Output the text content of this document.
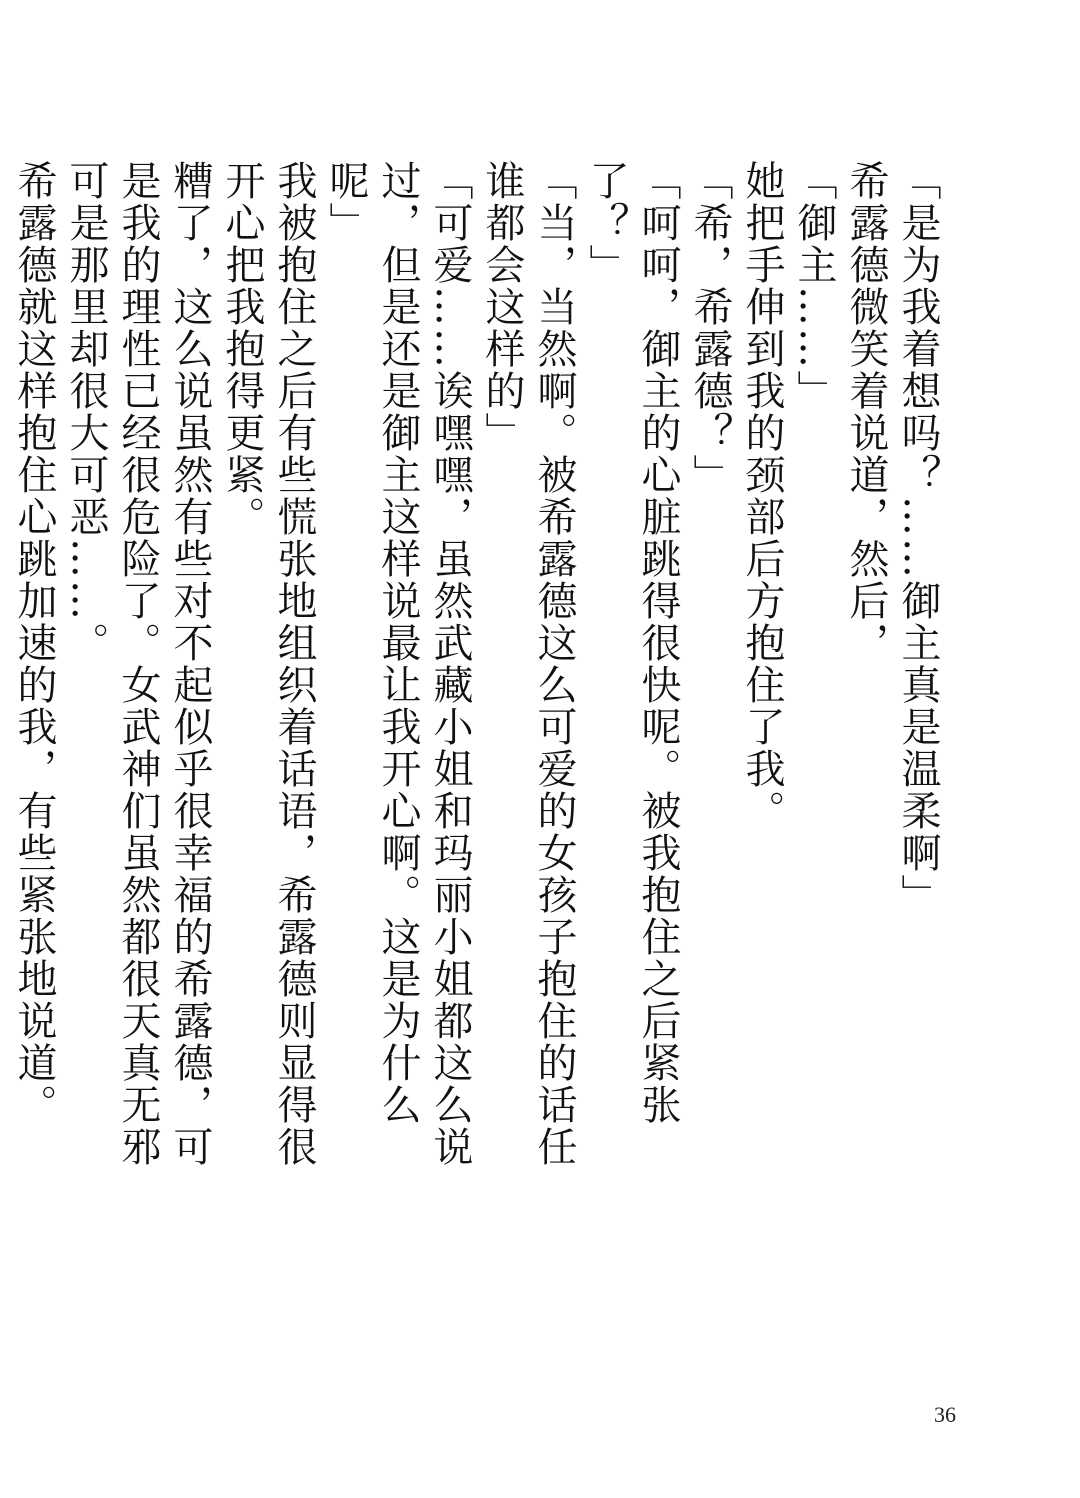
「是为我着想吗？……御主真是温柔啊」
希露德微笑着说道，然后，
「御主……」
她把手伸到我的颈部后方抱住了我。
「希，希露德？」
「呵呵，御主的心脏跳得很快呢。被我抱住之后紧张了？」
「当，当然啊。被希露德这么可爱的女孩子抱住的话任谁都会这样的」
「可爱……诶嘿嘿，虽然武藏小姐和玛丽小姐都这么说过，但是还是御主这样说最让我开心啊。这是为什么呢」
我被抱住之后有些慌张地组织着话语，希露德则显得很开心把我抱得更紧。
糟了，这么说虽然有些对不起似乎很幸福的希露德，可是我的理性已经很危险了。女武神们虽然都很天真无邪可是那里却很大可恶……。
希露德就这样抱住心跳加速的我，有些紧张地说道。
36
